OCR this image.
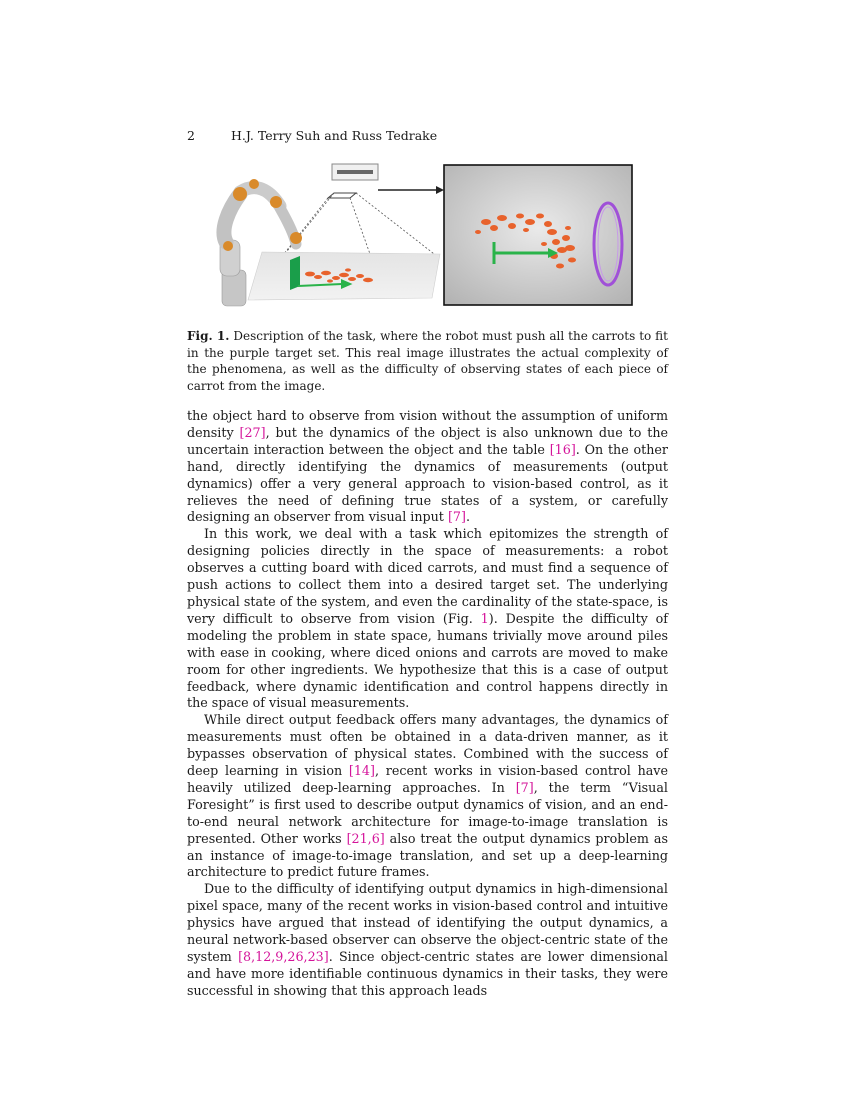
2	H.J. Terry Suh and Russ Tedrake
Fig. 1. Description of the task, where the robot must push all the carrots to fit in the purple target set. This real image illustrates the actual complexity of the phenomena, as well as the difficulty of observing states of each piece of carrot from the image.

the object hard to observe from vision without the assumption of uniform density [27], but the dynamics of the object is also unknown due to the uncertain interaction between the object and the table [16]. On the other hand, directly identifying the dynamics of measurements (output dynamics) offer a very general approach to vision-based control, as it relieves the need of defining true states of a system, or carefully designing an observer from visual input [7].

In this work, we deal with a task which epitomizes the strength of designing policies directly in the space of measurements: a robot observes a cutting board with diced carrots, and must find a sequence of push actions to collect them into a desired target set. The underlying physical state of the system, and even the cardinality of the state-space, is very difficult to observe from vision (Fig. 1). Despite the difficulty of modeling the problem in state space, humans trivially move around piles with ease in cooking, where diced onions and carrots are moved to make room for other ingredients. We hypothesize that this is a case of output feedback, where dynamic identification and control happens directly in the space of visual measurements.

While direct output feedback offers many advantages, the dynamics of measurements must often be obtained in a data-driven manner, as it bypasses observation of physical states. Combined with the success of deep learning in vision [14], recent works in vision-based control have heavily utilized deep-learning approaches. In [7], the term “Visual Foresight” is first used to describe output dynamics of vision, and an end-to-end neural network architecture for image-to-image translation is presented. Other works [21,6] also treat the output dynamics problem as an instance of image-to-image translation, and set up a deep-learning architecture to predict future frames.

Due to the difficulty of identifying output dynamics in high-dimensional pixel space, many of the recent works in vision-based control and intuitive physics have argued that instead of identifying the output dynamics, a neural network-based observer can observe the object-centric state of the system [8,12,9,26,23]. Since object-centric states are lower dimensional and have more identifiable continuous dynamics in their tasks, they were successful in showing that this approach leads
